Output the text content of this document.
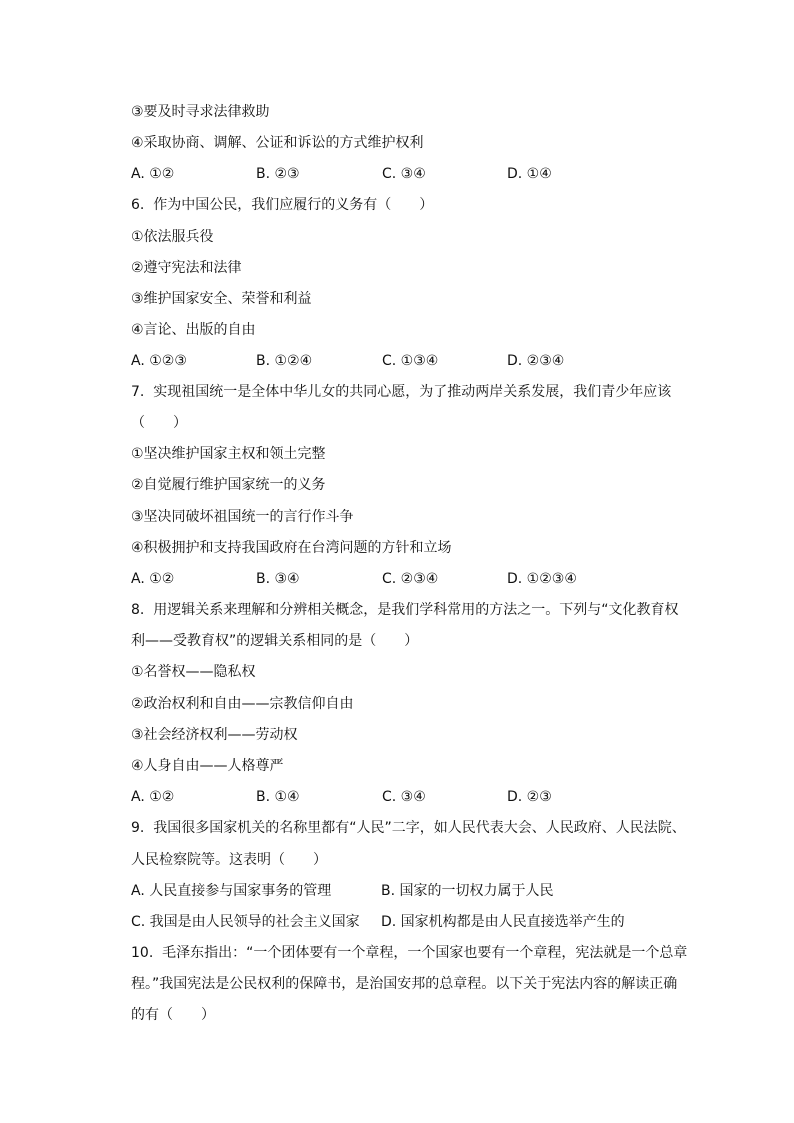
③要及时寻求法律救助
④采取协商、调解、公证和诉讼的方式维护权利
A. ①②	B. ②③	C. ③④	D. ①④
6.  作为中国公民，我们应履行的义务有（　　）
①依法服兵役
②遵守宪法和法律
③维护国家安全、荣誉和利益
④言论、出版的自由
A. ①②③	B. ①②④	C. ①③④	D. ②③④
7.  实现祖国统一是全体中华儿女的共同心愿，为了推动两岸关系发展，我们青少年应该
（　　）
①坚决维护国家主权和领土完整
②自觉履行维护国家统一的义务
③坚决同破坏祖国统一的言行作斗争
④积极拥护和支持我国政府在台湾问题的方针和立场
A. ①②	B. ③④	C. ②③④	D. ①②③④
8.  用逻辑关系来理解和分辨相关概念，是我们学科常用的方法之一。下列与“文化教育权
利——受教育权”的逻辑关系相同的是（　　）
①名誉权——隐私权
②政治权利和自由——宗教信仰自由
③社会经济权利——劳动权
④人身自由——人格尊严
A. ①②	B. ①④	C. ③④	D. ②③
9.  我国很多国家机关的名称里都有“人民”二字，如人民代表大会、人民政府、人民法院、
人民检察院等。这表明（　　）
A. 人民直接参与国家事务的管理	B. 国家的一切权力属于人民
C. 我国是由人民领导的社会主义国家 D. 国家机构都是由人民直接选举产生的
10.  毛泽东指出：“一个团体要有一个章程，一个国家也要有一个章程，宪法就是一个总章
程。”我国宪法是公民权利的保障书，是治国安邦的总章程。以下关于宪法内容的解读正确
的有（　　）
